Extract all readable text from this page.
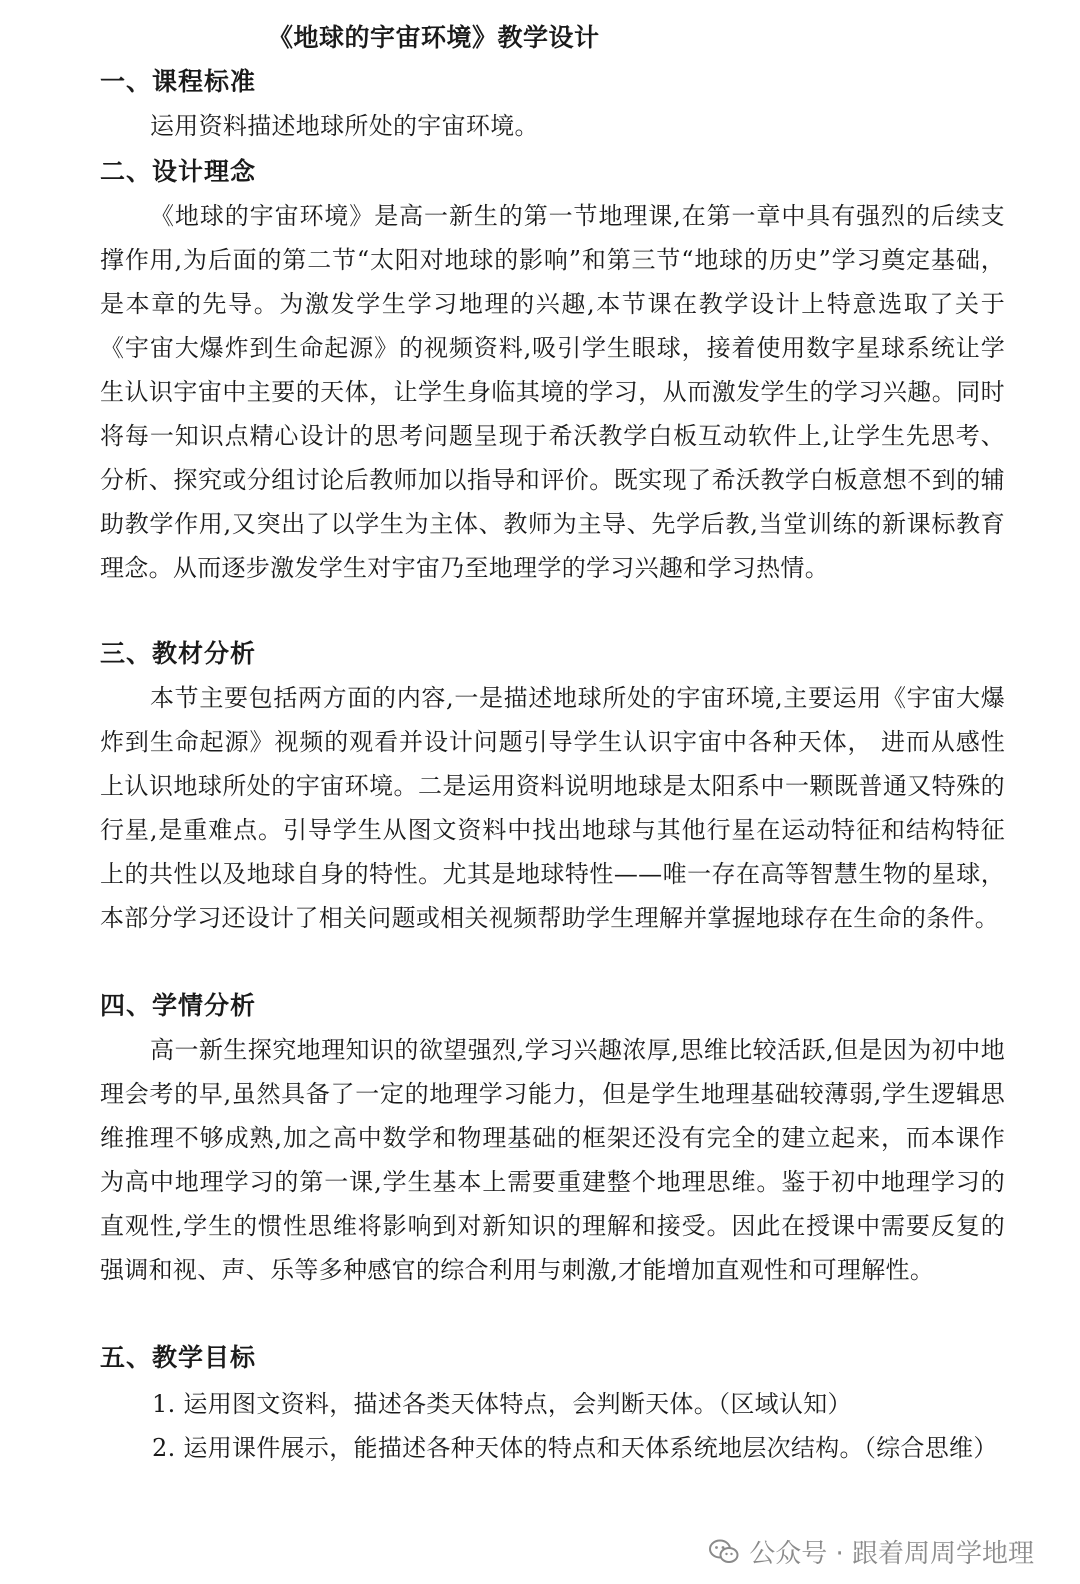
《地球的宇宙环境》教学设计
一、课程标准
运用资料描述地球所处的宇宙环境。
二、设计理念
《地球的宇宙环境》是高一新生的第一节地理课,在第一章中具有强烈的后续支撑作用,为后面的第二节“太阳对地球的影响”和第三节“地球的历史”学习奠定基础，是本章的先导。为激发学生学习地理的兴趣,本节课在教学设计上特意选取了关于《宇宙大爆炸到生命起源》的视频资料,吸引学生眼球，接着使用数字星球系统让学生认识宇宙中主要的天体，让学生身临其境的学习，从而激发学生的学习兴趣。同时将每一知识点精心设计的思考问题呈现于希沃教学白板互动软件上,让学生先思考、分析、探究或分组讨论后教师加以指导和评价。既实现了希沃教学白板意想不到的辅助教学作用,又突出了以学生为主体、教师为主导、先学后教,当堂训练的新课标教育理念。从而逐步激发学生对宇宙乃至地理学的学习兴趣和学习热情。
三、教材分析
本节主要包括两方面的内容,一是描述地球所处的宇宙环境,主要运用《宇宙大爆炸到生命起源》视频的观看并设计问题引导学生认识宇宙中各种天体， 进而从感性上认识地球所处的宇宙环境。二是运用资料说明地球是太阳系中一颗既普通又特殊的行星,是重难点。引导学生从图文资料中找出地球与其他行星在运动特征和结构特征上的共性以及地球自身的特性。尤其是地球特性——唯一存在高等智慧生物的星球，本部分学习还设计了相关问题或相关视频帮助学生理解并掌握地球存在生命的条件。
四、学情分析
高一新生探究地理知识的欲望强烈,学习兴趣浓厚,思维比较活跃,但是因为初中地理会考的早,虽然具备了一定的地理学习能力，但是学生地理基础较薄弱,学生逻辑思维推理不够成熟,加之高中数学和物理基础的框架还没有完全的建立起来，而本课作为高中地理学习的第一课,学生基本上需要重建整个地理思维。鉴于初中地理学习的直观性,学生的惯性思维将影响到对新知识的理解和接受。因此在授课中需要反复的强调和视、声、乐等多种感官的综合利用与刺激,才能增加直观性和可理解性。
五、教学目标
1. 运用图文资料，描述各类天体特点，会判断天体。（区域认知）
2. 运用课件展示，能描述各种天体的特点和天体系统地层次结构。（综合思维）
公众号 · 跟着周周学地理
